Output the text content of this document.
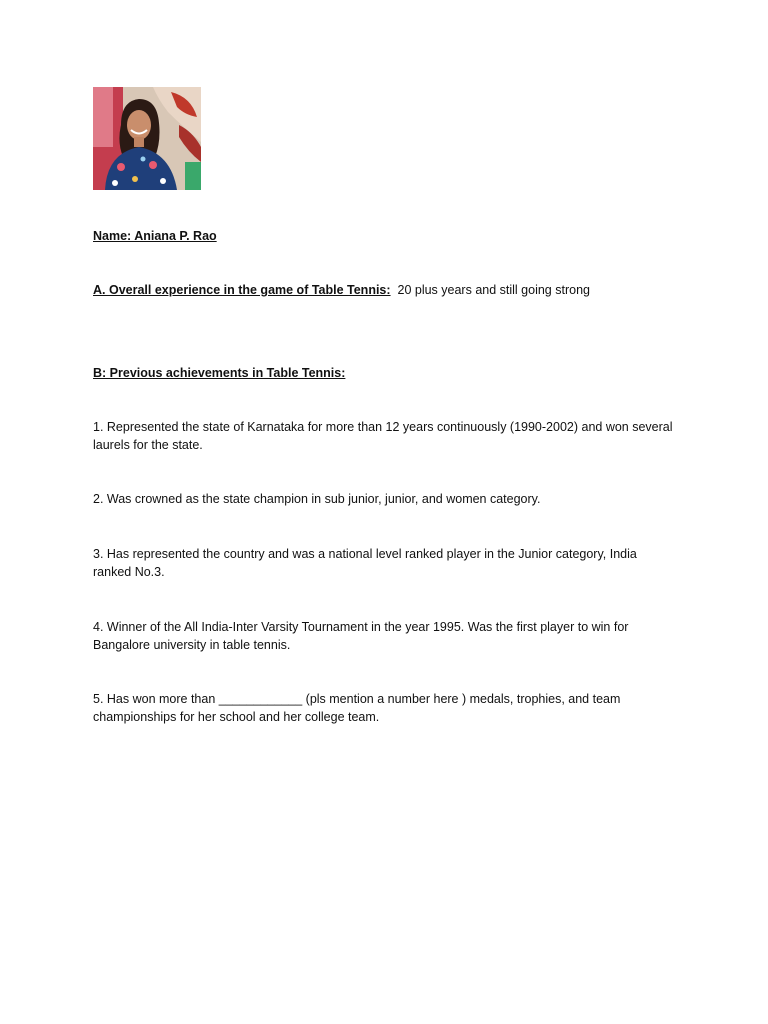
Name: Aniana P. Rao
A. Overall experience in the game of Table Tennis: 20 plus years and still going strong
B: Previous achievements in Table Tennis:
1. Represented the state of Karnataka for more than 12 years continuously (1990-2002) and won several laurels for the state.
2. Was crowned as the state champion in sub junior, junior, and women category.
3. Has represented the country and was a national level ranked player in the Junior category, India ranked No.3.
4. Winner of the All India-Inter Varsity Tournament in the year 1995. Was the first player to win for Bangalore university in table tennis.
5. Has won more than ____________ (pls mention a number here ) medals, trophies, and team championships for her school and her college team.
